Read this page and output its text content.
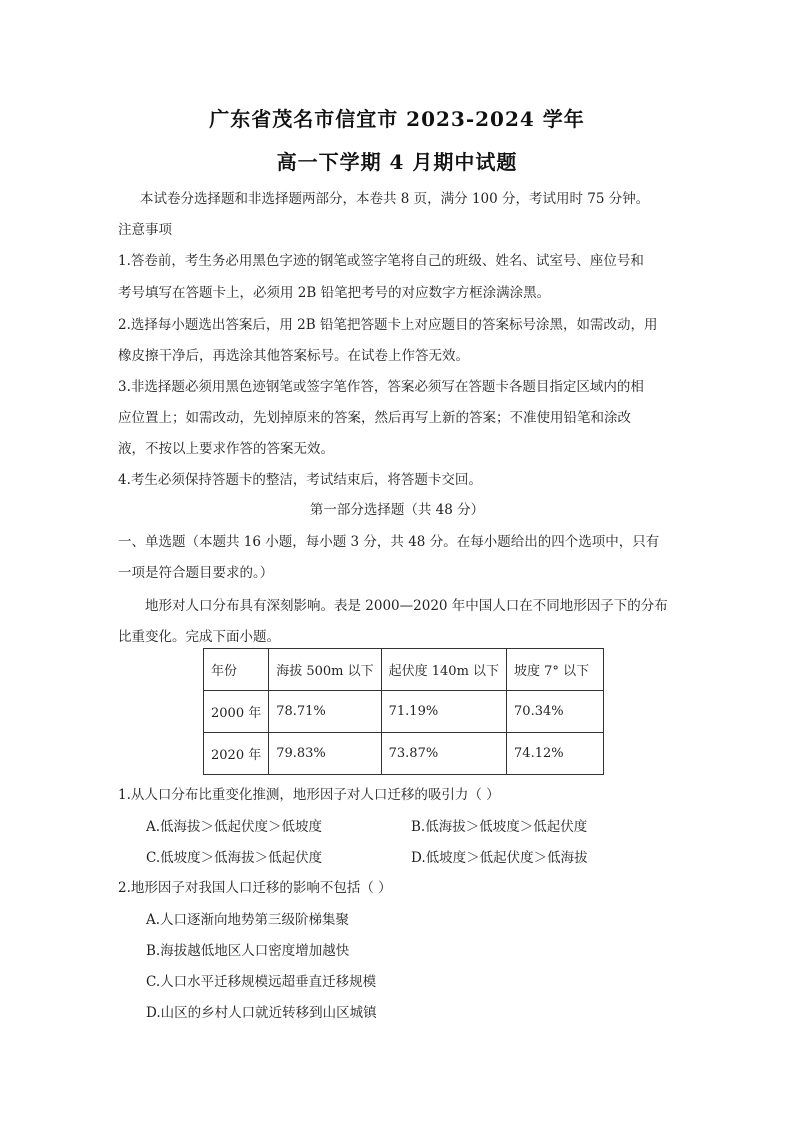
广东省茂名市信宜市 2023-2024 学年
高一下学期 4 月期中试题
本试卷分选择题和非选择题两部分，本卷共 8 页，满分 100 分，考试用时 75 分钟。
注意事项
1.答卷前，考生务必用黑色字迹的钢笔或签字笔将自己的班级、姓名、试室号、座位号和
考号填写在答题卡上，必须用 2B 铅笔把考号的对应数字方框涂满涂黑。
2.选择每小题选出答案后，用 2B 铅笔把答题卡上对应题目的答案标号涂黑，如需改动，用
橡皮擦干净后，再选涂其他答案标号。在试卷上作答无效。
3.非选择题必须用黑色迹钢笔或签字笔作答，答案必须写在答题卡各题目指定区域内的相
应位置上；如需改动，先划掉原来的答案，然后再写上新的答案；不准使用铅笔和涂改
液，不按以上要求作答的答案无效。
4.考生必须保持答题卡的整洁，考试结束后，将答题卡交回。
第一部分选择题（共 48 分）
一、单选题（本题共 16 小题，每小题 3 分，共 48 分。在每小题给出的四个选项中，只有
一项是符合题目要求的。）
地形对人口分布具有深刻影响。表是 2000—2020 年中国人口在不同地形因子下的分布
比重变化。完成下面小题。
年份	海拔 500m 以下	起伏度 140m 以下	坡度 7° 以下
2000 年	78.71%	71.19%	70.34%
2020 年	79.83%	73.87%	74.12%
1.从人口分布比重变化推测，地形因子对人口迁移的吸引力（ ）
A.低海拔＞低起伏度＞低坡度	B.低海拔＞低坡度＞低起伏度
C.低坡度＞低海拔＞低起伏度	D.低坡度＞低起伏度＞低海拔
2.地形因子对我国人口迁移的影响不包括（ ）
A.人口逐渐向地势第三级阶梯集聚
B.海拔越低地区人口密度增加越快
C.人口水平迁移规模远超垂直迁移规模
D.山区的乡村人口就近转移到山区城镇
